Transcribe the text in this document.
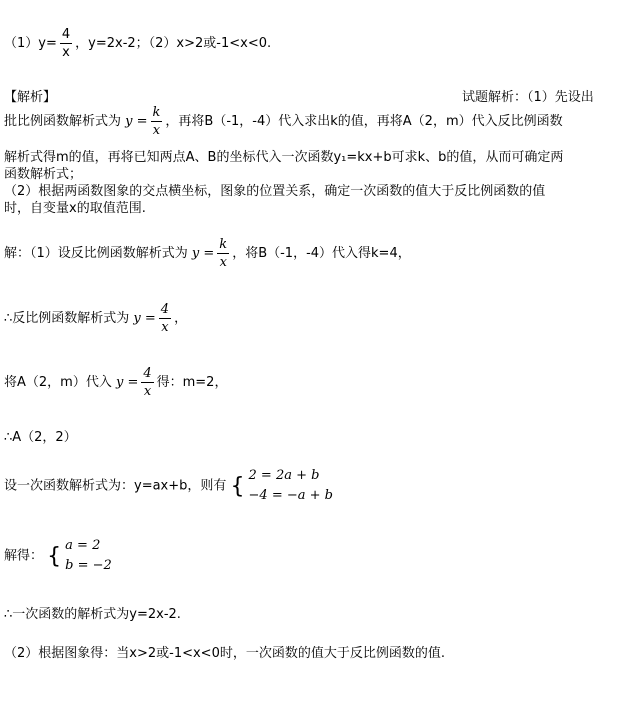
$(1)y= \frac{4}{x}$ ，y=2x-2；（2）x>2或-1<x<0.
【解析】	试题解析：（1）先设出
批比例函数解析式为 $y = \frac{k}{x}$ ，再将B（-1，-4）代入求出k的值，再将A（2，m）代入反比例函数
解析式得m的值，再将已知两点A、B的坐标代入一次函数y₁=kx+b可求k、b的值，从而可确定两
函数解析式；
（2）根据两函数图象的交点横坐标，图象的位置关系，确定一次函数的值大于反比例函数的值
时，自变量x的取值范围.
解：（1）设反比例函数解析式为 $y = \frac{k}{x}$ ，将B（-1，-4）代入得k=4，
∴反比例函数解析式为 $y = \frac{4}{x}$ ，
将A（2，m）代入 $y = \frac{4}{x}$ 得：m=2，
∴A（2，2）
设一次函数解析式为：y=ax+b，则有 { 2 = 2a + b
−4 = −a + b
解得： { a = 2
b = −2
∴一次函数的解析式为y=2x-2.
（2）根据图象得：当x>2或-1<x<0时，一次函数的值大于反比例函数的值.
